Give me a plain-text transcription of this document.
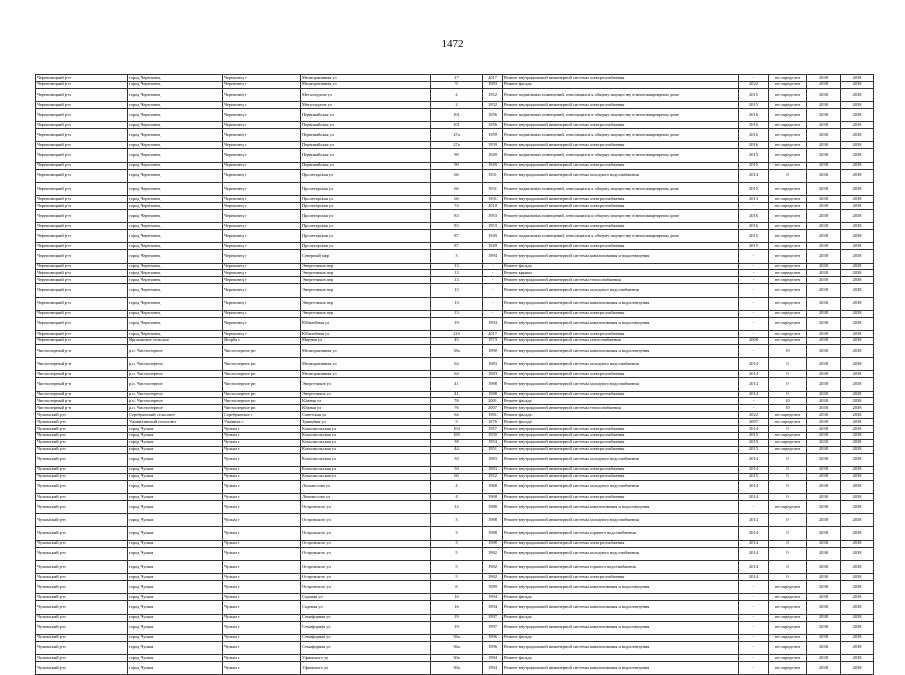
1472
Череповецкий р-н	город Череповец	Череповец г	Мелиоративная ул	17	2017	Ремонт внутридомовой инженерной системы электроснабжения	-	не определен	2038	2038
Череповецкий р-н	город Череповец	Череповец г	Мелиоративная ул	9	1983	Ремонт фасада	2022	не определен	2038	2038
Череповецкий р-н	город Череповец	Череповец г	Металлургов ул	2	1952	Ремонт подвальных помещений, относящихся к общему имуществу в многоквартирном доме	2015	не определен	2038	2038
Череповецкий р-н	город Череповец	Череповец г	Металлургов ул	2	1952	Ремонт внутридомовой инженерной системы электроснабжения	2015	не определен	2038	2038
Череповецкий р-н	город Череповец	Череповец г	Первомайская ул	101	1956	Ремонт подвальных помещений, относящихся к общему имуществу в многоквартирном доме	2016	не определен	2038	2038
Череповецкий р-н	город Череповец	Череповец г	Первомайская ул	101	1956	Ремонт внутридомовой инженерной системы электроснабжения	2016	не определен	2038	2038
Череповецкий р-н	город Череповец	Череповец г	Первомайская ул	27а	1959	Ремонт подвальных помещений, относящихся к общему имуществу в многоквартирном доме	2016	не определен	2038	2038
Череповецкий р-н	город Череповец	Череповец г	Первомайская ул	27а	1959	Ремонт внутридомовой инженерной системы электроснабжения	2016	не определен	2038	2038
Череповецкий р-н	город Череповец	Череповец г	Первомайская ул	90	1949	Ремонт подвальных помещений, относящихся к общему имуществу в многоквартирном доме	2015	не определен	2038	2038
Череповецкий р-н	город Череповец	Череповец г	Первомайская ул	90	1949	Ремонт внутридомовой инженерной системы электроснабжения	2015	не определен	2038	2038
Череповецкий р-н	город Череповец	Череповец г	Пролетарская ул	66	1931	Ремонт внутридомовой инженерной системы холодного водоснабжения	2014	0	2038	2038
Череповецкий р-н	город Череповец	Череповец г	Пролетарская ул	66	1931	Ремонт подвальных помещений, относящихся к общему имуществу в многоквартирном доме	2015	не определен	2038	2038
Череповецкий р-н	город Череповец	Череповец г	Пролетарская ул	66	1931	Ремонт внутридомовой инженерной системы электроснабжения	2013	не определен	2038	2038
Череповецкий р-н	город Череповец	Череповец г	Пролетарская ул	74	2010	Ремонт внутридомовой инженерной системы электроснабжения	-	не определен	2038	2038
Череповецкий р-н	город Череповец	Череповец г	Пролетарская ул	83	1953	Ремонт подвальных помещений, относящихся к общему имуществу в многоквартирном доме	2016	не определен	2038	2038
Череповецкий р-н	город Череповец	Череповец г	Пролетарская ул	83	1953	Ремонт внутридомовой инженерной системы электроснабжения	2016	не определен	2038	2038
Череповецкий р-н	город Череповец	Череповец г	Пролетарская ул	87	1949	Ремонт подвальных помещений, относящихся к общему имуществу в многоквартирном доме	2015	не определен	2038	2038
Череповецкий р-н	город Череповец	Череповец г	Пролетарская ул	87	1949	Ремонт внутридомовой инженерной системы электроснабжения	2015	не определен	2038	2038
Череповецкий р-н	город Череповец	Череповец г	Северный мкр	3	1994	Ремонт внутридомовой инженерной системы канализования и водоотведения	-	не определен	2038	2038
Череповецкий р-н	город Череповец	Череповец г	Энергетиков пер	13	-	Ремонт фасада	-	не определен	2038	2038
Череповецкий р-н	город Череповец	Череповец г	Энергетиков пер	13	-	Ремонт крыши	-	не определен	2038	2038
Череповецкий р-н	город Череповец	Череповец г	Энергетиков пер	13	-	Ремонт внутридомовой инженерной системы теплоснабжения	-	не определен	2038	2038
Череповецкий р-н	город Череповец	Череповец г	Энергетиков пер	13	-	Ремонт внутридомовой инженерной системы холодного водоснабжения	-	не определен	2038	2038
Череповецкий р-н	город Череповец	Череповец г	Энергетиков пер	13	-	Ремонт внутридомовой инженерной системы канализования и водоотведения	-	не определен	2038	2038
Череповецкий р-н	город Череповец	Череповец г	Энергетиков пер	13	-	Ремонт внутридомовой инженерной системы электроснабжения	-	не определен	2038	2038
Череповецкий р-н	город Череповец	Череповец г	Юбилейная ул	19	1994	Ремонт внутридомовой инженерной системы канализования и водоотведения	-	не определен	2038	2038
Череповецкий р-н	город Череповец	Череповец г	Юбилейная ул	21б	2017	Ремонт внутридомовой инженерной системы электроснабжения	-	не определен	2038	2038
Череповецкий р-н	Яргомжское сельское	Ягорба с	Мирная ул	45	1973	Ремонт внутридомовой инженерной системы теплоснабжения	2008	не определен	2038	2038
Чистоозерный р-н	р.п. Чистоозерное	Чистоозерное рп	Мелиоративная ул	58а	1990	Ремонт внутридомовой инженерной системы канализования и водоотведения	-	10	2038	2038
Чистоозерный р-н	р.п. Чистоозерное	Чистоозерное рп	Мелиоративная ул	64	1983	Ремонт внутридомовой инженерной системы холодного водоснабжения	2014	0	2038	2038
Чистоозерный р-н	р.п. Чистоозерное	Чистоозерное рп	Мелиоративная ул	64	1983	Ремонт внутридомовой инженерной системы электроснабжения	2014	0	2038	2038
Чистоозерный р-н	р.п. Чистоозерное	Чистоозерное рп	Энергетиков ул	41	1988	Ремонт внутридомовой инженерной системы холодного водоснабжения	2014	0	2038	2038
Чистоозерный р-н	р.п. Чистоозерное	Чистоозерное рп	Энергетиков ул	41	1988	Ремонт внутридомовой инженерной системы электроснабжения	2014	0	2038	2038
Чистоозерный р-н	р.п. Чистоозерное	Чистоозерное рп	Южная ул	76	2001	Ремонт фасада	-	10	2038	2038
Чистоозерный р-н	р.п. Чистоозерное	Чистоозерное рп	Южная ул	76	2007	Ремонт внутридомовой инженерной системы теплоснабжения	-	10	2038	2038
Чулымский р-н	Серебрянский сельсовет	Серебрянское с	Советская ул	64	1981	Ремонт фасада	2022	не определен	2038	2038
Чулымский р-н	Ужанихинский сельсовет	Ужаниха с	Трищевая ул	5	1976	Ремонт фасада	2007	не определен	2038	2038
Чулымский р-н	город Чулым	Чулым г	Комсомольская ул	163	1957	Ремонт внутридомовой инженерной системы электроснабжения	2014	0	2038	2038
Чулымский р-н	город Чулым	Чулым г	Комсомольская ул	185	1930	Ремонт внутридомовой инженерной системы электроснабжения	2015	не определен	2038	2038
Чулымский р-н	город Чулым	Чулым г	Комсомольская ул	38	1954	Ремонт внутридомовой инженерной системы электроснабжения	2015	не определен	2038	2038
Чулымский р-н	город Чулым	Чулым г	Комсомольская ул	44	1951	Ремонт внутридомовой инженерной системы электроснабжения	2015	не определен	2038	2038
Чулымский р-н	город Чулым	Чулым г	Комсомольская ул	50	1983	Ремонт внутридомовой инженерной системы холодного водоснабжения	2014	0	2038	2038
Чулымский р-н	город Чулым	Чулым г	Комсомольская ул	50	1983	Ремонт внутридомовой инженерной системы электроснабжения	2014	0	2038	2038
Чулымский р-н	город Чулым	Чулым г	Комсомольская ул	60	1952	Ремонт внутридомовой инженерной системы электроснабжения	2015	0	2038	2038
Чулымский р-н	город Чулым	Чулым г	Ломоносова ул	4	1968	Ремонт внутридомовой инженерной системы холодного водоснабжения	2014	0	2038	2038
Чулымский р-н	город Чулым	Чулым г	Ломоносова ул	4	1968	Ремонт внутридомовой инженерной системы электроснабжения	2014	0	2038	2038
Чулымский р-н	город Чулым	Чулым г	Островского ул	12	1988	Ремонт внутридомовой инженерной системы канализования и водоотведения	-	не определен	2038	2038
Чулымский р-н	город Чулым	Чулым г	Островского ул	3	1988	Ремонт внутридомовой инженерной системы холодного водоснабжения	2014	0	2038	2038
Чулымский р-н	город Чулым	Чулым г	Островского ул	3	1988	Ремонт внутридомовой инженерной системы горячего водоснабжения	2014	0	2038	2038
Чулымский р-н	город Чулым	Чулым г	Островского ул	3	1988	Ремонт внутридомовой инженерной системы электроснабжения	2014	0	2038	2038
Чулымский р-н	город Чулым	Чулым г	Островского ул	5	1982	Ремонт внутридомовой инженерной системы холодного водоснабжения	2014	0	2038	2038
Чулымский р-н	город Чулым	Чулым г	Островского ул	5	1982	Ремонт внутридомовой инженерной системы горячего водоснабжения	2014	0	2038	2038
Чулымский р-н	город Чулым	Чулым г	Островского ул	5	1982	Ремонт внутридомовой инженерной системы электроснабжения	2014	0	2038	2038
Чулымский р-н	город Чулым	Чулым г	Островского ул	8	1989	Ремонт внутридомовой инженерной системы канализования и водоотведения	-	не определен	2038	2038
Чулымский р-н	город Чулым	Чулым г	Садовая ул	16	1994	Ремонт фасада	-	не определен	2038	2038
Чулымский р-н	город Чулым	Чулым г	Садовая ул	16	1994	Ремонт внутридомовой инженерной системы канализования и водоотведения	-	не определен	2038	2038
Чулымский р-н	город Чулым	Чулым г	Семафорная ул	19	1997	Ремонт фасада	-	не определен	2038	2038
Чулымский р-н	город Чулым	Чулым г	Семафорная ул	19	1997	Ремонт внутридомовой инженерной системы канализования и водоотведения	-	не определен	2038	2038
Чулымский р-н	город Чулым	Чулым г	Семафорная ул	56а	1996	Ремонт фасада	-	не определен	2038	2038
Чулымский р-н	город Чулым	Чулым г	Семафорная ул	56а	1996	Ремонт внутридомовой инженерной системы канализования и водоотведения	-	не определен	2038	2038
Чулымский р-н	город Чулым	Чулым г	Уфимского ул	50а	1994	Ремонт фасада	-	не определен	2038	2038
Чулымский р-н	город Чулым	Чулым г	Уфимского ул	50а	1994	Ремонт внутридомовой инженерной системы канализования и водоотведения	-	не определен	2038	2038
